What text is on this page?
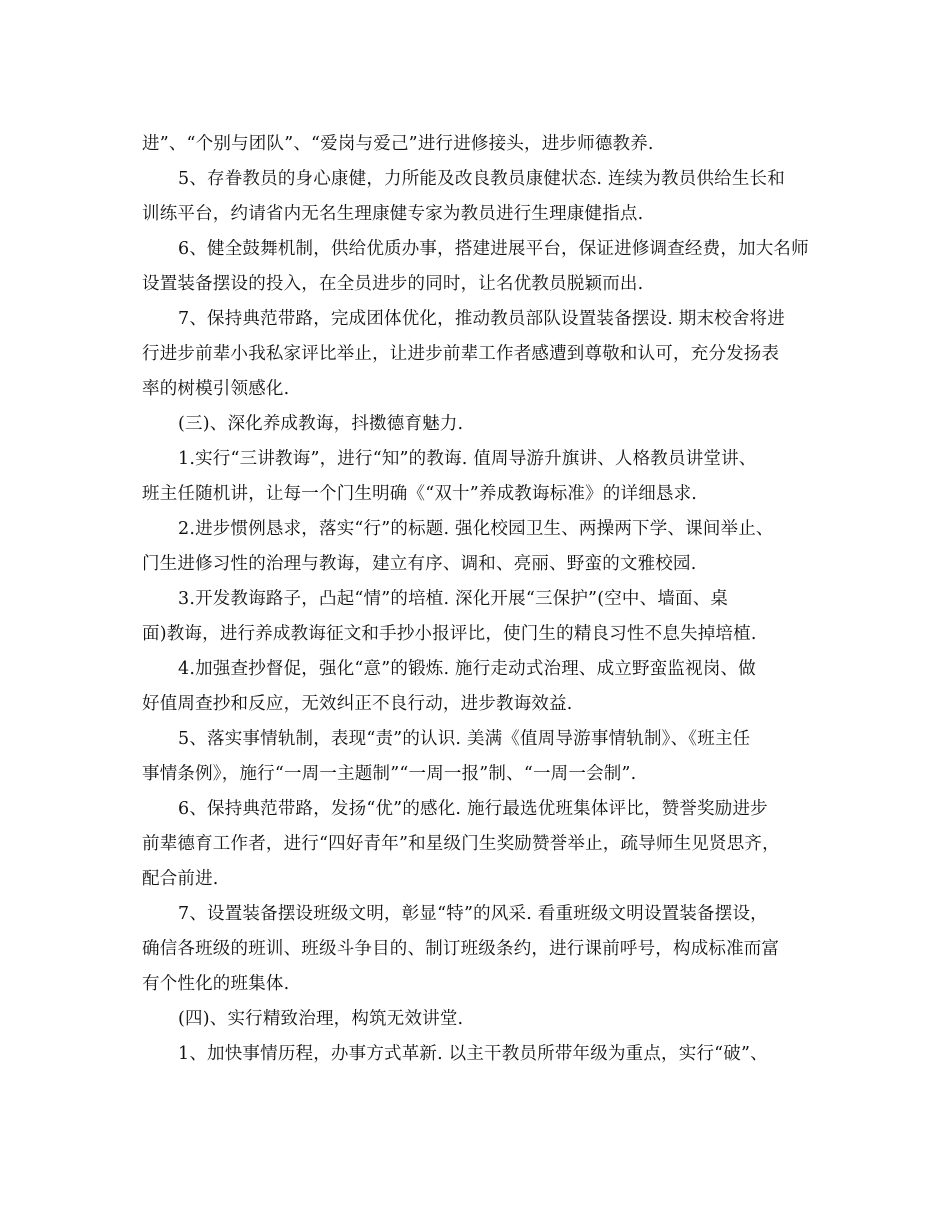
进”、“个别与团队”、“爱岗与爱己”进行进修接头，进步师德教养.
5、存眷教员的身心康健，力所能及改良教员康健状态. 连续为教员供给生长和
训练平台，约请省内无名生理康健专家为教员进行生理康健指点.
6、健全鼓舞机制，供给优质办事，搭建进展平台，保证进修调查经费，加大名师
设置装备摆设的投入，在全员进步的同时，让名优教员脱颖而出.
7、保持典范带路，完成团体优化，推动教员部队设置装备摆设. 期末校舍将进
行进步前辈小我私家评比举止，让进步前辈工作者感遭到尊敬和认可，充分发扬表
率的树模引领感化.
(三)、深化养成教诲，抖擞德育魅力.
1.实行“三讲教诲”，进行“知”的教诲. 值周导游升旗讲、人格教员讲堂讲、
班主任随机讲，让每一个门生明确《“双十”养成教诲标准》的详细恳求.
2.进步惯例恳求，落实“行”的标题. 强化校园卫生、两操两下学、课间举止、
门生进修习性的治理与教诲，建立有序、调和、亮丽、野蛮的文雅校园.
3.开发教诲路子，凸起“情”的培植. 深化开展“三保护”(空中、墙面、桌
面)教诲，进行养成教诲征文和手抄小报评比，使门生的精良习性不息失掉培植.
4.加强查抄督促，强化“意”的锻炼. 施行走动式治理、成立野蛮监视岗、做
好值周查抄和反应，无效纠正不良行动，进步教诲效益.
5、落实事情轨制，表现“责”的认识. 美满《值周导游事情轨制》、《班主任
事情条例》，施行“一周一主题制”“一周一报”制、“一周一会制”.
6、保持典范带路，发扬“优”的感化. 施行最选优班集体评比，赞誉奖励进步
前辈德育工作者，进行“四好青年”和星级门生奖励赞誉举止，疏导师生见贤思齐，
配合前进.
7、设置装备摆设班级文明，彰显“特”的风采. 看重班级文明设置装备摆设，
确信各班级的班训、班级斗争目的、制订班级条约，进行课前呼号，构成标准而富
有个性化的班集体.
(四)、实行精致治理，构筑无效讲堂.
1、加快事情历程，办事方式革新. 以主干教员所带年级为重点，实行“破”、
